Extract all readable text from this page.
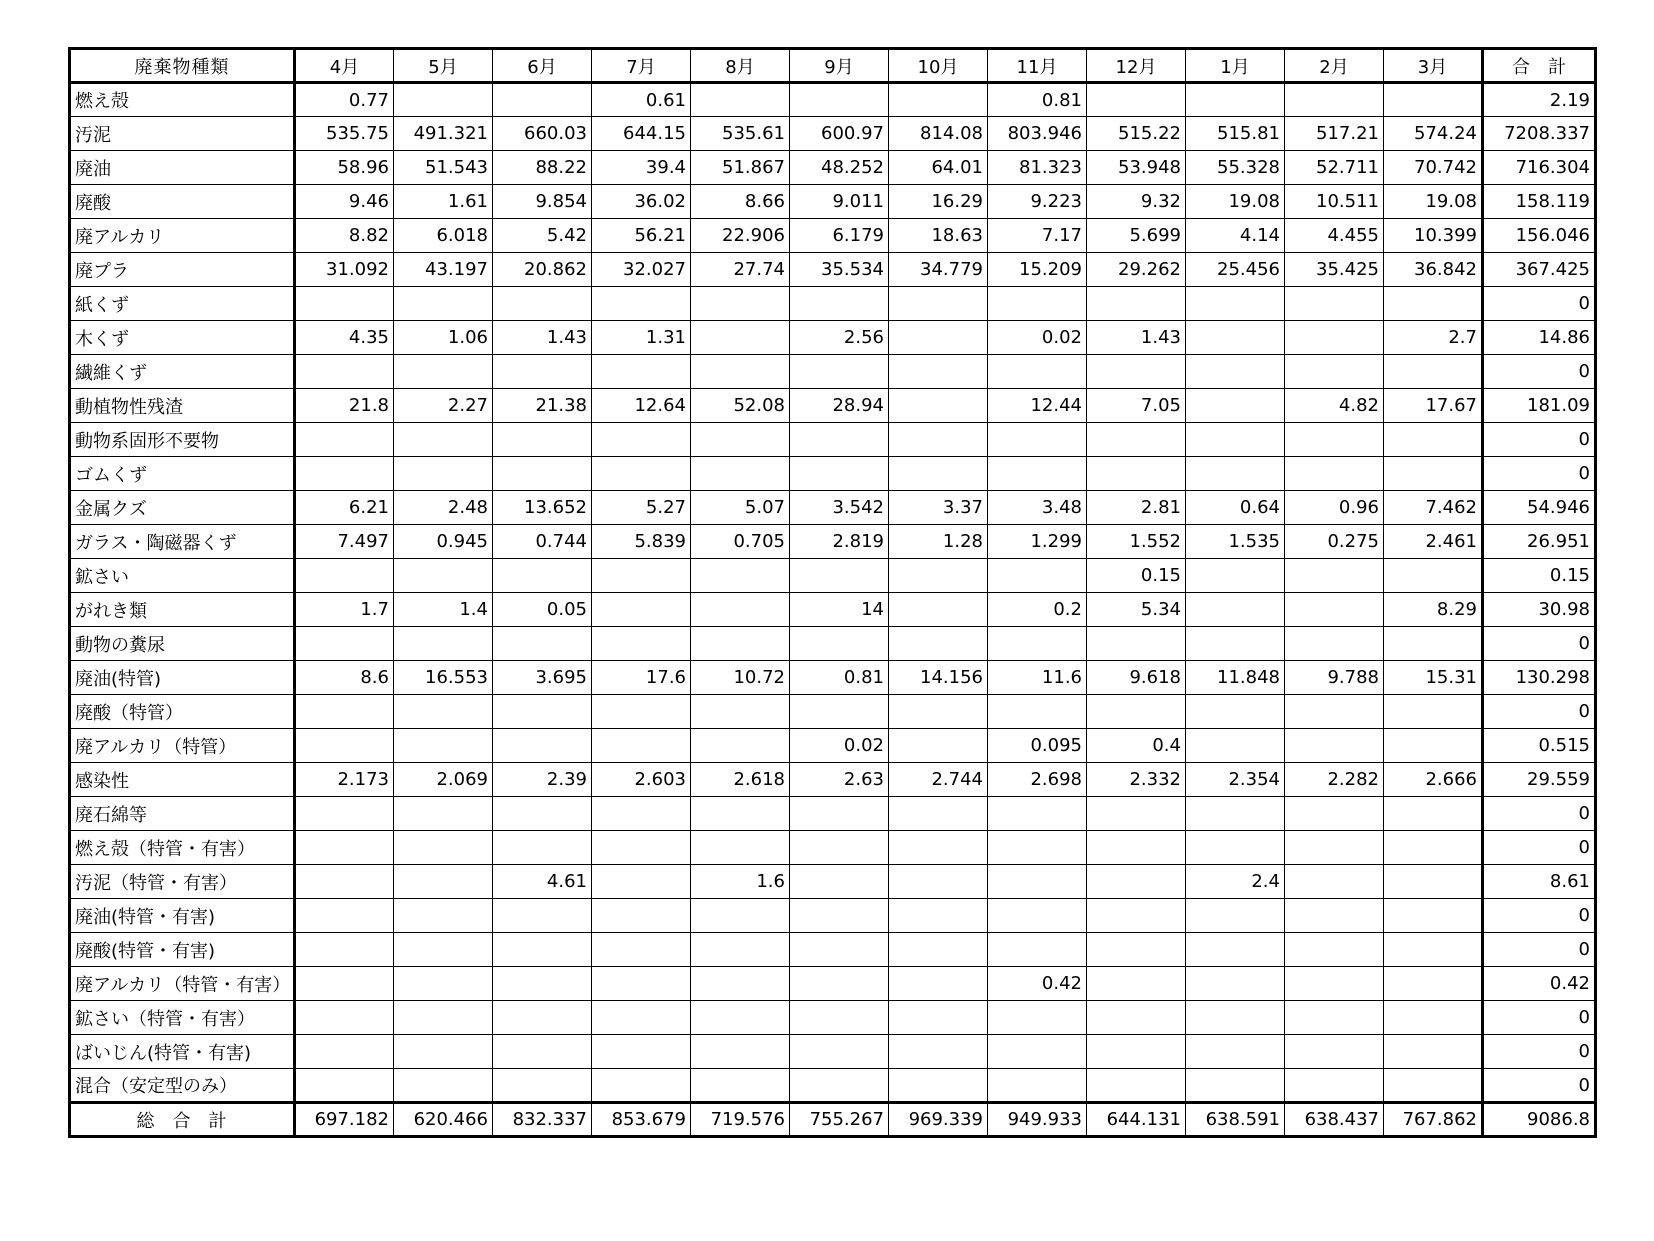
廃棄物種類	4月	5月	6月	7月	8月	9月	10月	11月	12月	1月	2月	3月	合　計
燃え殻	0.77			0.61				0.81					2.19
汚泥	535.75	491.321	660.03	644.15	535.61	600.97	814.08	803.946	515.22	515.81	517.21	574.24	7208.337
廃油	58.96	51.543	88.22	39.4	51.867	48.252	64.01	81.323	53.948	55.328	52.711	70.742	716.304
廃酸	9.46	1.61	9.854	36.02	8.66	9.011	16.29	9.223	9.32	19.08	10.511	19.08	158.119
廃アルカリ	8.82	6.018	5.42	56.21	22.906	6.179	18.63	7.17	5.699	4.14	4.455	10.399	156.046
廃プラ	31.092	43.197	20.862	32.027	27.74	35.534	34.779	15.209	29.262	25.456	35.425	36.842	367.425
紙くず													0
木くず	4.35	1.06	1.43	1.31		2.56		0.02	1.43			2.7	14.86
繊維くず													0
動植物性残渣	21.8	2.27	21.38	12.64	52.08	28.94		12.44	7.05		4.82	17.67	181.09
動物系固形不要物													0
ゴムくず													0
金属クズ	6.21	2.48	13.652	5.27	5.07	3.542	3.37	3.48	2.81	0.64	0.96	7.462	54.946
ガラス・陶磁器くず	7.497	0.945	0.744	5.839	0.705	2.819	1.28	1.299	1.552	1.535	0.275	2.461	26.951
鉱さい									0.15				0.15
がれき類	1.7	1.4	0.05			14		0.2	5.34			8.29	30.98
動物の糞尿													0
廃油(特管)	8.6	16.553	3.695	17.6	10.72	0.81	14.156	11.6	9.618	11.848	9.788	15.31	130.298
廃酸（特管）													0
廃アルカリ（特管）						0.02		0.095	0.4				0.515
感染性	2.173	2.069	2.39	2.603	2.618	2.63	2.744	2.698	2.332	2.354	2.282	2.666	29.559
廃石綿等													0
燃え殻（特管・有害）													0
汚泥（特管・有害）			4.61		1.6					2.4			8.61
廃油(特管・有害)													0
廃酸(特管・有害)													0
廃アルカリ（特管・有害）								0.42					0.42
鉱さい（特管・有害）													0
ばいじん(特管・有害)													0
混合（安定型のみ）													0
総　合　計	697.182	620.466	832.337	853.679	719.576	755.267	969.339	949.933	644.131	638.591	638.437	767.862	9086.8
